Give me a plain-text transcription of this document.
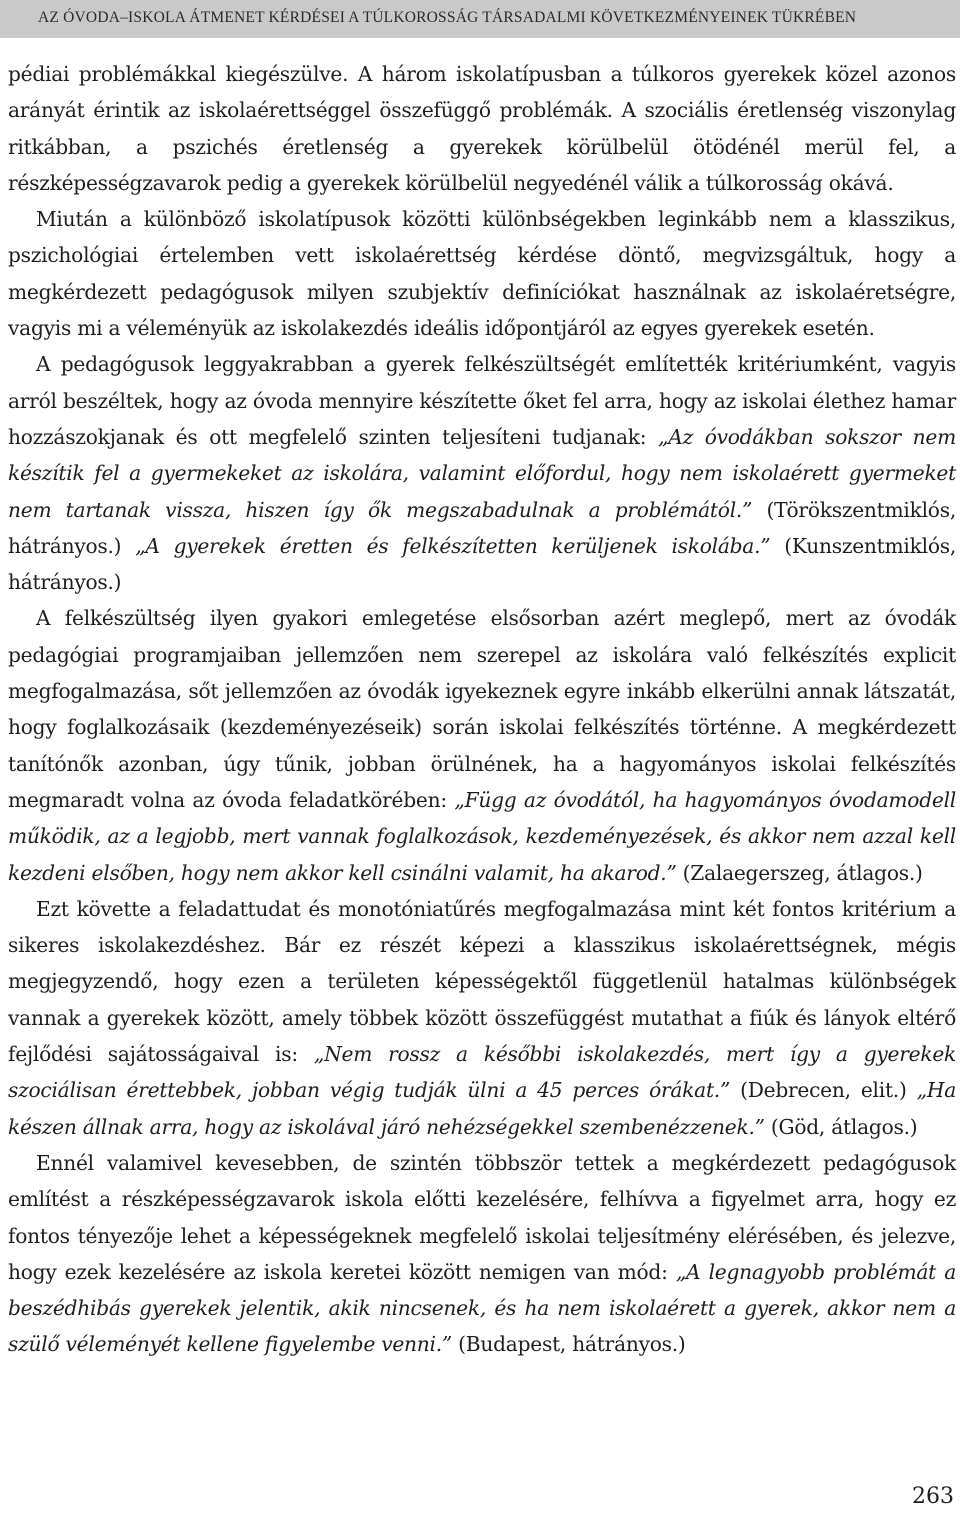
AZ ÓVODA–ISKOLA ÁTMENET KÉRDÉSEI A TÚLKOROSSÁG TÁRSADALMI KÖVETKEZMÉNYEINEK TÜKRÉBEN

pédiai problémákkal kiegészülve. A három iskolatípusban a túlkoros gyerekek közel azonos arányát érintik az iskolaérettséggel összefüggő problémák. A szociális éretlenség viszonylag ritkábban, a pszichés éretlenség a gyerekek körülbelül ötödénél merül fel, a részképességzavarok pedig a gyerekek körülbelül negyedénél válik a túlkorosság okává.

Miután a különböző iskolatípusok közötti különbségekben leginkább nem a klasszikus, pszichológiai értelemben vett iskolaérettség kérdése döntő, megvizsgáltuk, hogy a megkérdezett pedagógusok milyen szubjektív definíciókat használnak az iskolaéretségre, vagyis mi a véleményük az iskolakezdés ideális időpontjáról az egyes gyerekek esetén.

A pedagógusok leggyakrabban a gyerek felkészültségét említették kritériumként, vagyis arról beszéltek, hogy az óvoda mennyire készítette őket fel arra, hogy az iskolai élethez hamar hozzászokjanak és ott megfelelő szinten teljesíteni tudjanak: „Az óvodákban sokszor nem készítik fel a gyermekeket az iskolára, valamint előfordul, hogy nem iskolaérett gyermeket nem tartanak vissza, hiszen így ők megszabadulnak a problémától.” (Törökszentmiklós, hátrányos.) „A gyerekek éretten és felkészítetten kerüljenek iskolába.” (Kunszentmiklós, hátrányos.)

A felkészültség ilyen gyakori emlegetése elsősorban azért meglepő, mert az óvodák pedagógiai programjaiban jellemzően nem szerepel az iskolára való felkészítés explicit megfogalmazása, sőt jellemzően az óvodák igyekeznek egyre inkább elkerülni annak látszatát, hogy foglalkozásaik (kezdeményezéseik) során iskolai felkészítés történne. A megkérdezett tanítónők azonban, úgy tűnik, jobban örülnének, ha a hagyományos iskolai felkészítés megmaradt volna az óvoda feladatkörében: „Függ az óvodától, ha hagyományos óvodamodell működik, az a legjobb, mert vannak foglalkozások, kezdeményezések, és akkor nem azzal kell kezdeni elsőben, hogy nem akkor kell csinálni valamit, ha akarod.” (Zalaegerszeg, átlagos.)

Ezt követte a feladattudat és monotóniatűrés megfogalmazása mint két fontos kritérium a sikeres iskolakezdéshez. Bár ez részét képezi a klasszikus iskolaérettségnek, mégis megjegyzendő, hogy ezen a területen képességektől függetlenül hatalmas különbségek vannak a gyerekek között, amely többek között összefüggést mutathat a fiúk és lányok eltérő fejlődési sajátosságaival is: „Nem rossz a későbbi iskolakezdés, mert így a gyerekek szociálisan érettebbek, jobban végig tudják ülni a 45 perces órákat.” (Debrecen, elit.) „Ha készen állnak arra, hogy az iskolával járó nehézségekkel szembenézzenek.” (Göd, átlagos.)

Ennél valamivel kevesebben, de szintén többször tettek a megkérdezett pedagógusok említést a részképességzavarok iskola előtti kezelésére, felhívva a figyelmet arra, hogy ez fontos tényezője lehet a képességeknek megfelelő iskolai teljesítmény elérésében, és jelezve, hogy ezek kezelésére az iskola keretei között nemigen van mód: „A legnagyobb problémát a beszédhibás gyerekek jelentik, akik nincsenek, és ha nem iskolaérett a gyerek, akkor nem a szülő véleményét kellene figyelembe venni.” (Budapest, hátrányos.)

263
